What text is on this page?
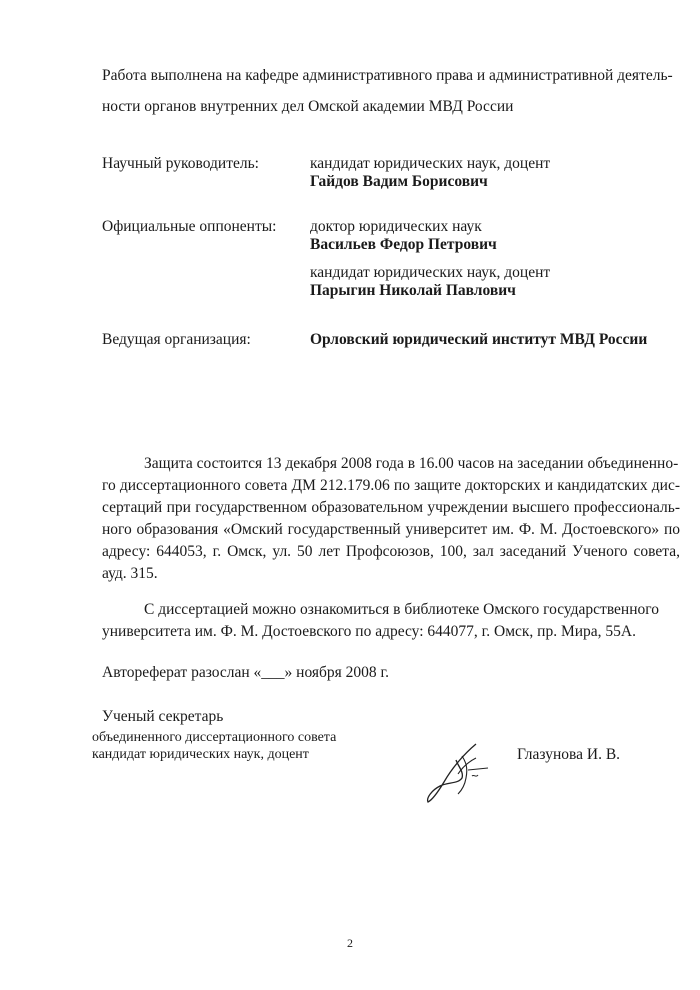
Работа выполнена на кафедре административного права и административной деятель-
ности органов внутренних дел Омской академии МВД России
Научный руководитель:	кандидат юридических наук, доцент
Гайдов Вадим Борисович
Официальные оппоненты: доктор юридических наук
Васильев Федор Петрович
кандидат юридических наук, доцент
Парыгин Николай Павлович
Ведущая организация:	Орловский юридический институт МВД России
Защита состоится 13 декабря 2008 года в 16.00 часов на заседании объединенно-
го диссертационного совета ДМ 212.179.06 по защите докторских и кандидатских дис-
сертаций при государственном образовательном учреждении высшего профессиональ-
ного образования «Омский государственный университет им. Ф. М. Достоевского» по
адресу: 644053, г. Омск, ул. 50 лет Профсоюзов, 100, зал заседаний Ученого совета,
ауд. 315.
С диссертацией можно ознакомиться в библиотеке Омского государственного
университета им. Ф. М. Достоевского по адресу: 644077, г. Омск, пр. Мира, 55А.
Автореферат разослан «___» ноября 2008 г.
Ученый секретарь
объединенного диссертационного совета
кандидат юридических наук, доцент	Глазунова И. В.
2
